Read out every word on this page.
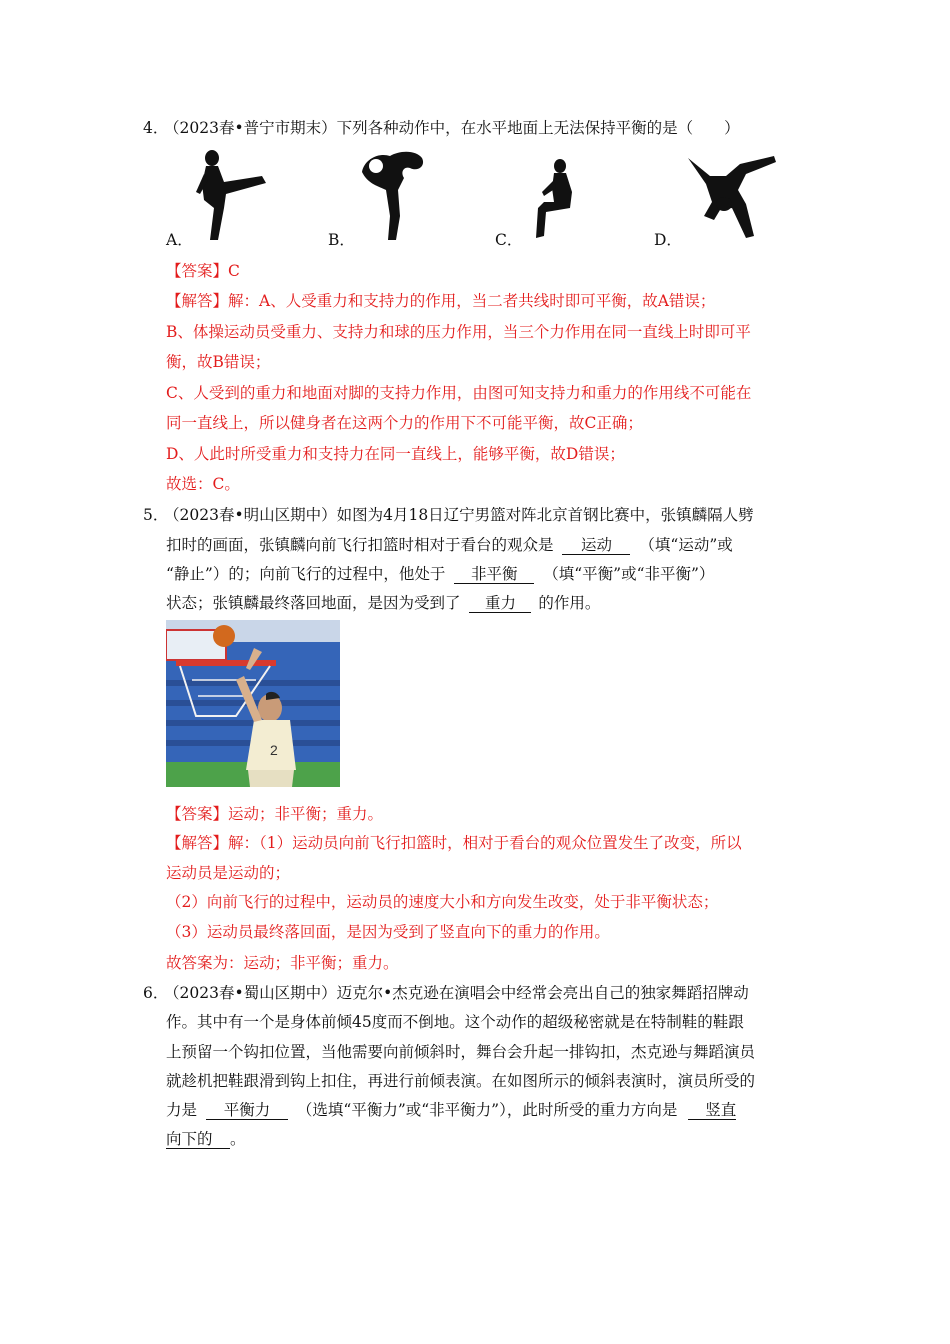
4．
（2023春•普宁市期末）下列各种动作中，在水平地面上无法保持平衡的是（　　）
A．	B．	C．	D．
【答案】C
【解答】解：A、人受重力和支持力的作用，当二者共线时即可平衡，故A错误；
B、体操运动员受重力、支持力和球的压力作用，当三个力作用在同一直线上时即可平
衡，故B错误；
C、人受到的重力和地面对脚的支持力作用，由图可知支持力和重力的作用线不可能在
同一直线上，所以健身者在这两个力的作用下不可能平衡，故C正确；
D、人此时所受重力和支持力在同一直线上，能够平衡，故D错误；
故选：C。
5．
（2023春•明山区期中）如图为4月18日辽宁男篮对阵北京首钢比赛中，张镇麟隔人劈
扣时的画面，张镇麟向前飞行扣篮时相对于看台的观众是 运动 （填“运动”或
“静止”）的；向前飞行的过程中，他处于 非平衡 （填“平衡”或“非平衡”）
状态；张镇麟最终落回地面，是因为受到了 重力 的作用。
2
【答案】运动；非平衡；重力。
【解答】解：（1）运动员向前飞行扣篮时，相对于看台的观众位置发生了改变，所以
运动员是运动的；
（2）向前飞行的过程中，运动员的速度大小和方向发生改变，处于非平衡状态；
（3）运动员最终落回面，是因为受到了竖直向下的重力的作用。
故答案为：运动；非平衡；重力。
6．
（2023春•蜀山区期中）迈克尔•杰克逊在演唱会中经常会亮出自己的独家舞蹈招牌动
作。其中有一个是身体前倾45度而不倒地。这个动作的超级秘密就是在特制鞋的鞋跟
上预留一个钩扣位置，当他需要向前倾斜时，舞台会升起一排钩扣，杰克逊与舞蹈演员
就趁机把鞋跟滑到钩上扣住，再进行前倾表演。在如图所示的倾斜表演时，演员所受的
力是 平衡力 （选填“平衡力”或“非平衡力”），此时所受的重力方向是 竖直
向下的 。
